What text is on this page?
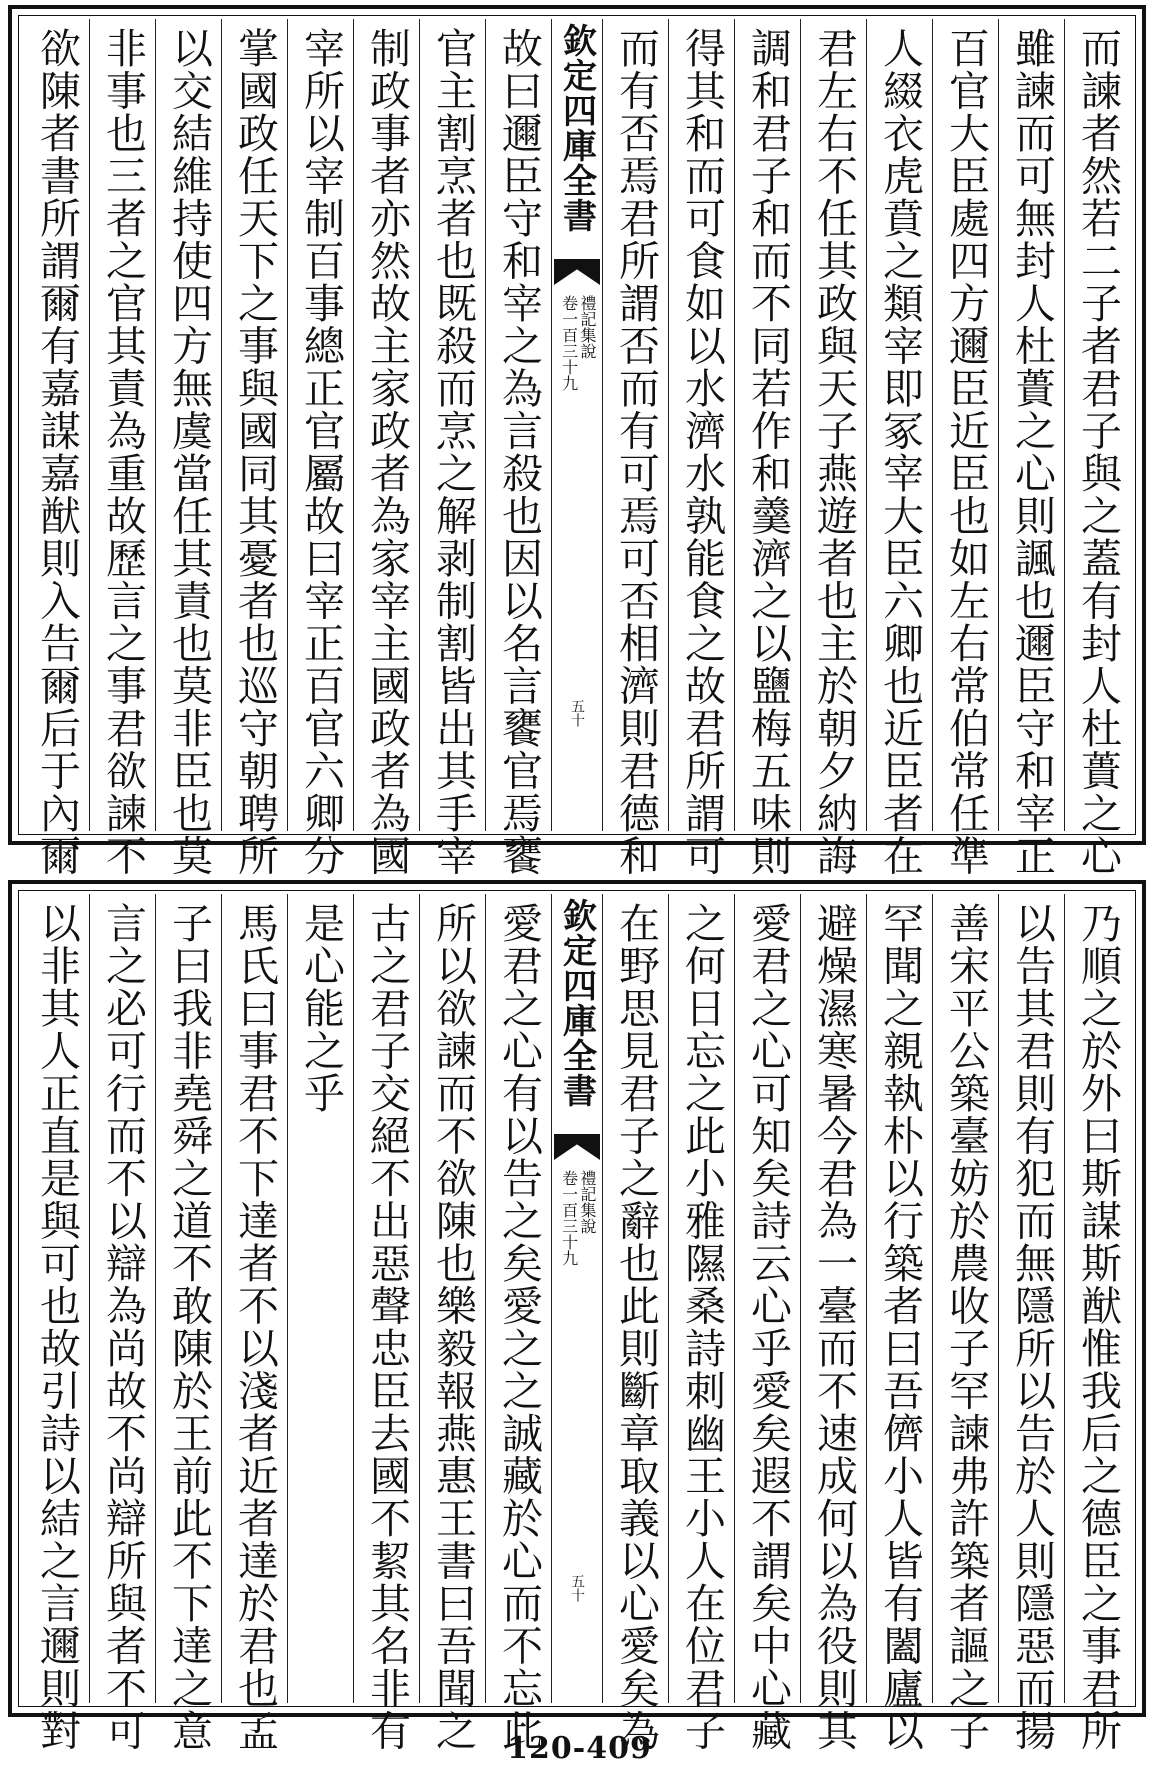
而諫者然若二子者君子與之蓋有封人杜蕢之心
雖諫而可無封人杜蕢之心則諷也邇臣守和宰正
百官大臣處四方邇臣近臣也如左右常伯常任準
人綴衣虎賁之類宰即冢宰大臣六卿也近臣者在
君左右不任其政與天子燕遊者也主於朝夕納誨
調和君子和而不同若作和羹濟之以鹽梅五味則
得其和而可食如以水濟水孰能食之故君所謂可
而有否焉君所謂否而有可焉可否相濟則君德和
欽定四庫全書
禮記集說
卷一百三十九
五十
故曰邇臣守和宰之為言殺也因以名言饔官焉饔
官主割烹者也既殺而烹之解剥制割皆出其手宰
制政事者亦然故主家政者為家宰主國政者為國
宰所以宰制百事總正官屬故曰宰正百官六卿分
掌國政任天下之事與國同其憂者也巡守朝聘所
以交結維持使四方無虞當任其責也莫非臣也莫
非事也三者之官其責為重故歷言之事君欲諫不
欲陳者書所謂爾有嘉謀嘉猷則入告爾后于內爾
乃順之於外曰斯謀斯猷惟我后之德臣之事君所
以告其君則有犯而無隱所以告於人則隱惡而揚
善宋平公築臺妨於農收子罕諫弗許築者謳之子
罕聞之親執朴以行築者曰吾儕小人皆有闔廬以
避燥濕寒暑今君為一臺而不速成何以為役則其
愛君之心可知矣詩云心乎愛矣遐不謂矣中心藏
之何日忘之此小雅隰桑詩刺幽王小人在位君子
在野思見君子之辭也此則斷章取義以心愛矣為
欽定四庫全書
禮記集說
卷一百三十九
五十
愛君之心有以告之矣愛之之誠藏於心而不忘此
所以欲諫而不欲陳也樂毅報燕惠王書曰吾聞之
古之君子交絕不出惡聲忠臣去國不絜其名非有
是心能之乎
馬氏曰事君不下達者不以淺者近者達於君也孟
子曰我非堯舜之道不敢陳於王前此不下達之意
言之必可行而不以辯為尚故不尚辯所與者不可
以非其人正直是與可也故引詩以結之言邇則對	120-409
